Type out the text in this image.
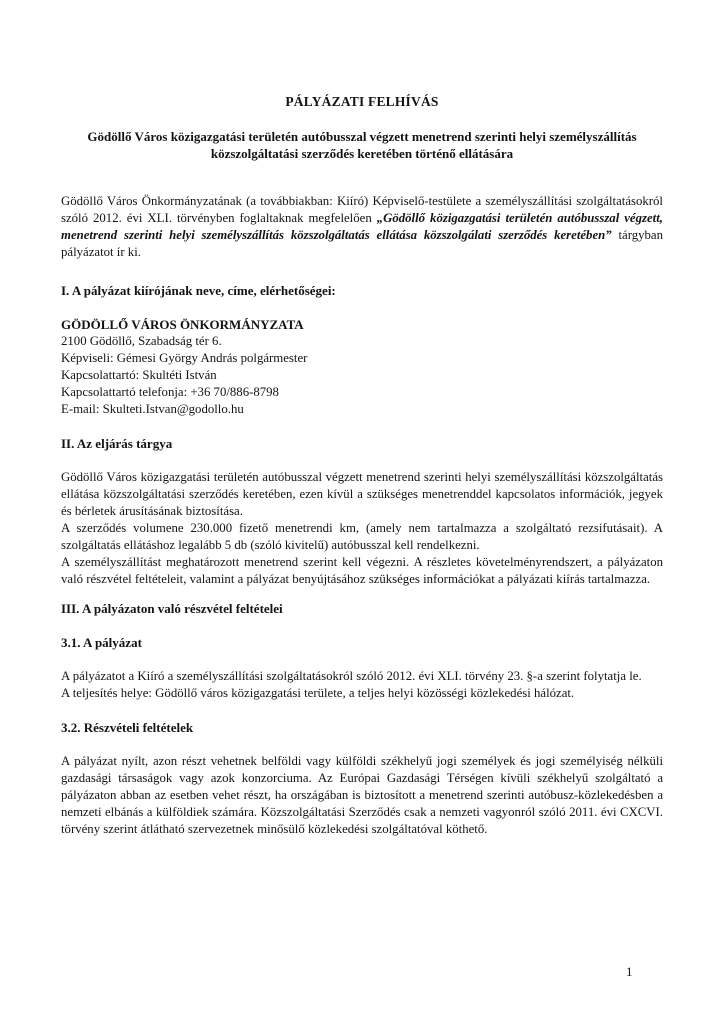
PÁLYÁZATI FELHÍVÁS
Gödöllő Város közigazgatási területén autóbusszal végzett menetrend szerinti helyi személyszállítás közszolgáltatási szerződés keretében történő ellátására

Gödöllő Város Önkormányzatának (a továbbiakban: Kiíró) Képviselő-testülete a személyszállítási szolgáltatásokról szóló 2012. évi XLI. törvényben foglaltaknak megfelelően „Gödöllő közigazgatási területén autóbusszal végzett, menetrend szerinti helyi személyszállítás közszolgáltatás ellátása közszolgálati szerződés keretében” tárgyban pályázatot ír ki.

I. A pályázat kiírójának neve, címe, elérhetőségei:

GÖDÖLLŐ VÁROS ÖNKORMÁNYZATA

2100 Gödöllő, Szabadság tér 6.

Képviseli: Gémesi György András polgármester

Kapcsolattartó: Skultéti István

Kapcsolattartó telefonja: +36 70/886-8798

E-mail: Skulteti.Istvan@godollo.hu

II. Az eljárás tárgya

Gödöllő Város közigazgatási területén autóbusszal végzett menetrend szerinti helyi személyszállítási közszolgáltatás ellátása közszolgáltatási szerződés keretében, ezen kívül a szükséges menetrenddel kapcsolatos információk, jegyek és bérletek árusításának biztosítása.

A szerződés volumene 230.000 fizető menetrendi km, (amely nem tartalmazza a szolgáltató rezsifutásait). A szolgáltatás ellátáshoz legalább 5 db (szóló kivitelű) autóbusszal kell rendelkezni.

A személyszállítást meghatározott menetrend szerint kell végezni. A részletes követelményrendszert, a pályázaton való részvétel feltételeit, valamint a pályázat benyújtásához szükséges információkat a pályázati kiírás tartalmazza.

III. A pályázaton való részvétel feltételei
3.1. A pályázat

A pályázatot a Kiíró a személyszállítási szolgáltatásokról szóló 2012. évi XLI. törvény 23. §-a szerint folytatja le.

A teljesítés helye: Gödöllő város közigazgatási területe, a teljes helyi közösségi közlekedési hálózat.

3.2. Részvételi feltételek

A pályázat nyílt, azon részt vehetnek belföldi vagy külföldi székhelyű jogi személyek és jogi személyiség nélküli gazdasági társaságok vagy azok konzorciuma. Az Európai Gazdasági Térségen kívüli székhelyű szolgáltató a pályázaton abban az esetben vehet részt, ha országában is biztosított a menetrend szerinti autóbusz-közlekedésben a nemzeti elbánás a külföldiek számára. Közszolgáltatási Szerződés csak a nemzeti vagyonról szóló 2011. évi CXCVI. törvény szerint átlátható szervezetnek minősülő közlekedési szolgáltatóval köthető.

1
